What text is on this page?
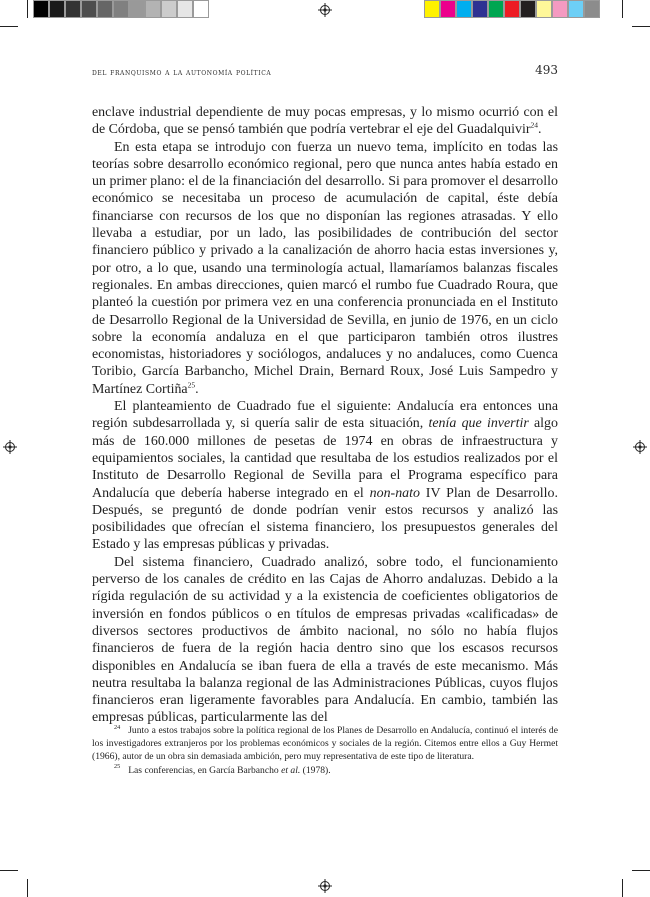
del franquismo a la autonomía política	493

enclave industrial dependiente de muy pocas empresas, y lo mismo ocurrió con el de Córdoba, que se pensó también que podría vertebrar el eje del Guadalquivir$^{24}$.

En esta etapa se introdujo con fuerza un nuevo tema, implícito en todas las teorías sobre desarrollo económico regional, pero que nunca antes había estado en un primer plano: el de la financiación del desarrollo. Si para promover el desarrollo económico se necesitaba un proceso de acumulación de capital, éste debía financiarse con recursos de los que no disponían las regiones atrasadas. Y ello llevaba a estudiar, por un lado, las posibilidades de contribución del sector financiero público y privado a la canalización de ahorro hacia estas inversiones y, por otro, a lo que, usando una terminología actual, llamaríamos balanzas fiscales regionales. En ambas direcciones, quien marcó el rumbo fue Cuadrado Roura, que planteó la cuestión por primera vez en una conferencia pronunciada en el Instituto de Desarrollo Regional de la Universidad de Sevilla, en junio de 1976, en un ciclo sobre la economía andaluza en el que participaron también otros ilustres economistas, historiadores y sociólogos, andaluces y no andaluces, como Cuenca Toribio, García Barbancho, Michel Drain, Bernard Roux, José Luis Sampedro y Martínez Cortiña$^{25}$.

El planteamiento de Cuadrado fue el siguiente: Andalucía era entonces una región subdesarrollada y, si quería salir de esta situación, tenía que invertir algo más de 160.000 millones de pesetas de 1974 en obras de infraestructura y equipamientos sociales, la cantidad que resultaba de los estudios realizados por el Instituto de Desarrollo Regional de Sevilla para el Programa específico para Andalucía que debería haberse integrado en el non-nato IV Plan de Desarrollo. Después, se preguntó de donde podrían venir estos recursos y analizó las posibilidades que ofrecían el sistema financiero, los presupuestos generales del Estado y las empresas públicas y privadas.

Del sistema financiero, Cuadrado analizó, sobre todo, el funcionamiento perverso de los canales de crédito en las Cajas de Ahorro andaluzas. Debido a la rígida regulación de su actividad y a la existencia de coeficientes obligatorios de inversión en fondos públicos o en títulos de empresas privadas «calificadas» de diversos sectores productivos de ámbito nacional, no sólo no había flujos financieros de fuera de la región hacia dentro sino que los escasos recursos disponibles en Andalucía se iban fuera de ella a través de este mecanismo. Más neutra resultaba la balanza regional de las Administraciones Públicas, cuyos flujos financieros eran ligeramente favorables para Andalucía. En cambio, también las empresas públicas, particularmente las del

$^{24}$ Junto a estos trabajos sobre la política regional de los Planes de Desarrollo en Andalucía, continuó el interés de los investigadores extranjeros por los problemas económicos y sociales de la región. Citemos entre ellos a Guy Hermet (1966), autor de un obra sin demasiada ambición, pero muy representativa de este tipo de literatura.

$^{25}$ Las conferencias, en García Barbancho et al. (1978).
